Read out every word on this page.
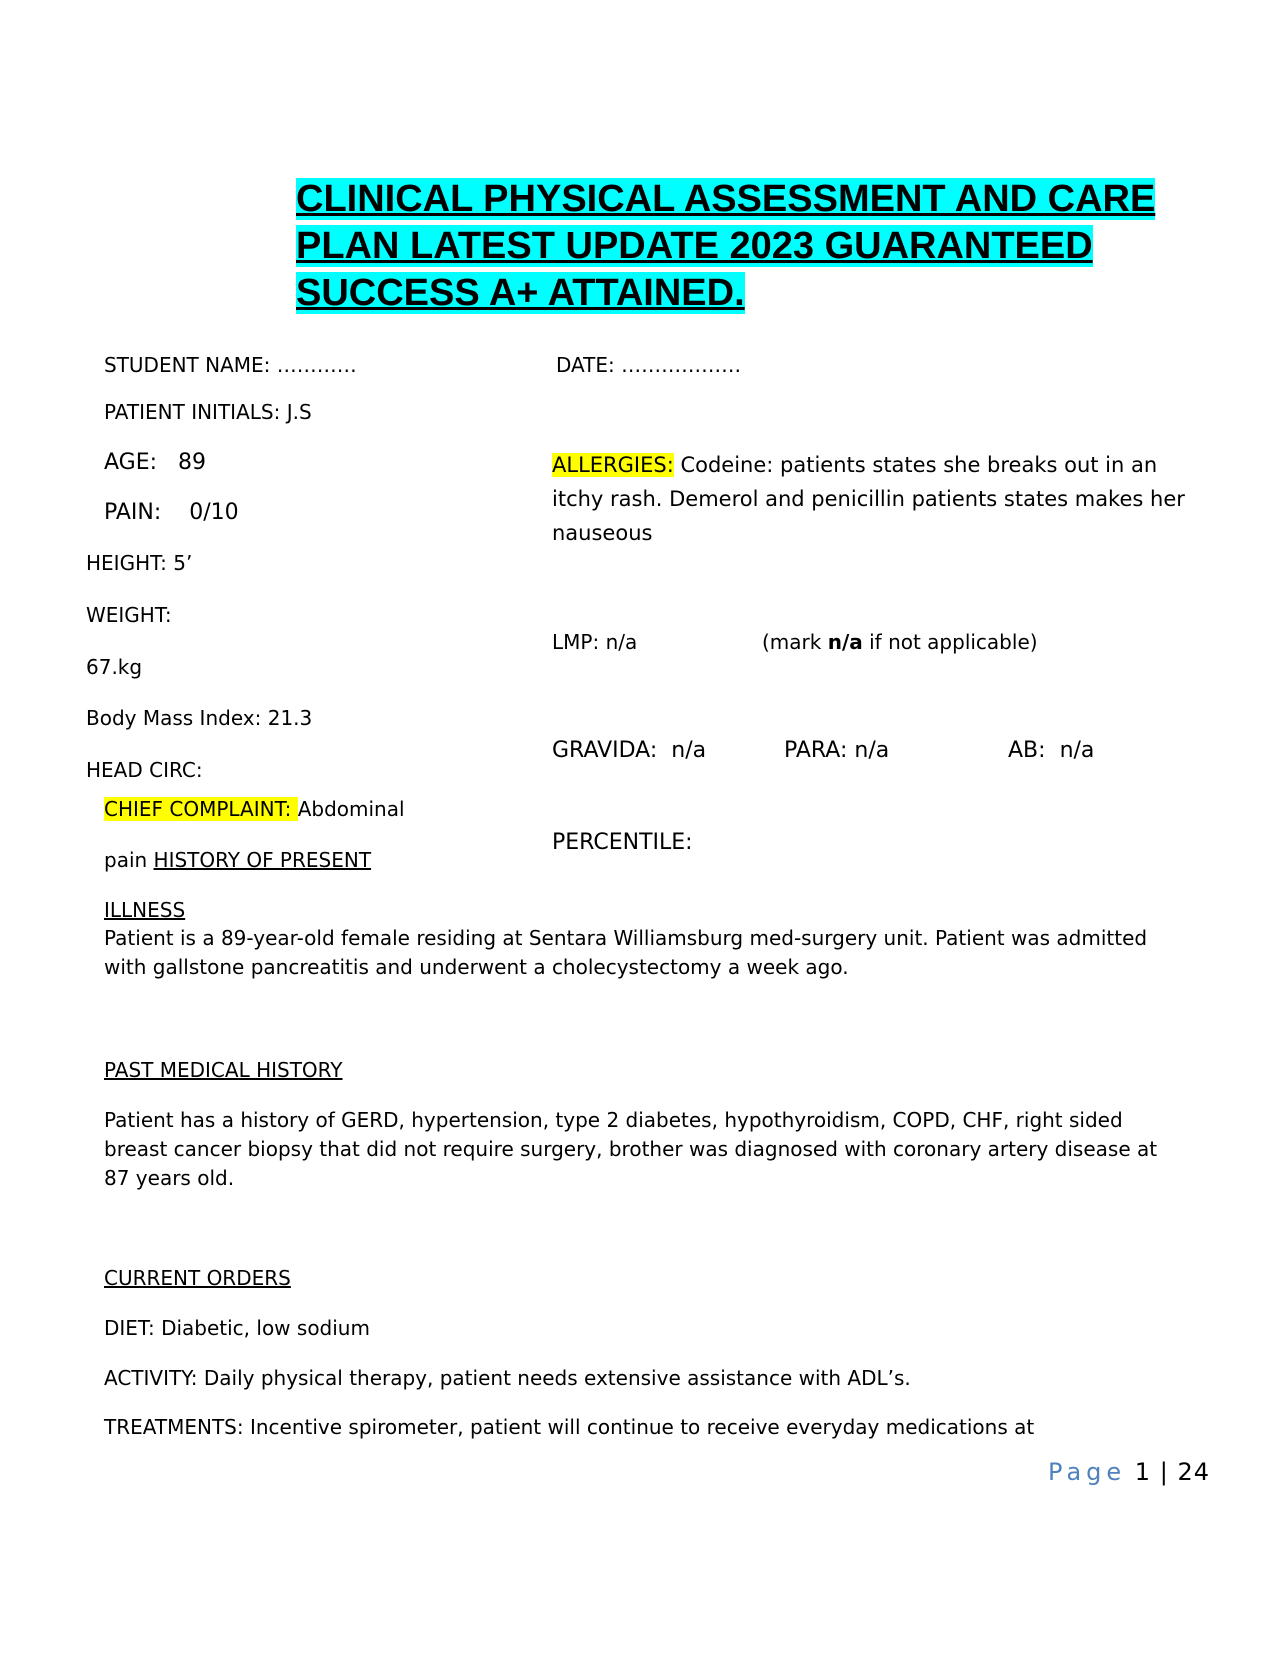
CLINICAL PHYSICAL ASSESSMENT AND CARE
PLAN LATEST UPDATE 2023 GUARANTEED
SUCCESS A+ ATTAINED.
STUDENT NAME: …………	DATE: ………………
PATIENT INITIALS: J.S
AGE: 89
PAIN: 0/10
HEIGHT: 5’
WEIGHT:
67.kg
Body Mass Index: 21.3
HEAD CIRC:
ALLERGIES: Codeine: patients states she breaks out in an itchy rash. Demerol and penicillin patients states makes her nauseous
LMP: n/a	(mark n/a if not applicable)
GRAVIDA: n/a	PARA: n/a	AB: n/a
PERCENTILE:
CHIEF COMPLAINT: Abdominal
pain HISTORY OF PRESENT
ILLNESS
Patient is a 89-year-old female residing at Sentara Williamsburg med-surgery unit. Patient was admitted with gallstone pancreatitis and underwent a cholecystectomy a week ago.
PAST MEDICAL HISTORY
Patient has a history of GERD, hypertension, type 2 diabetes, hypothyroidism, COPD, CHF, right sided breast cancer biopsy that did not require surgery, brother was diagnosed with coronary artery disease at 87 years old.
CURRENT ORDERS
DIET: Diabetic, low sodium
ACTIVITY: Daily physical therapy, patient needs extensive assistance with ADL’s.
TREATMENTS: Incentive spirometer, patient will continue to receive everyday medications at
Page 1 | 24
